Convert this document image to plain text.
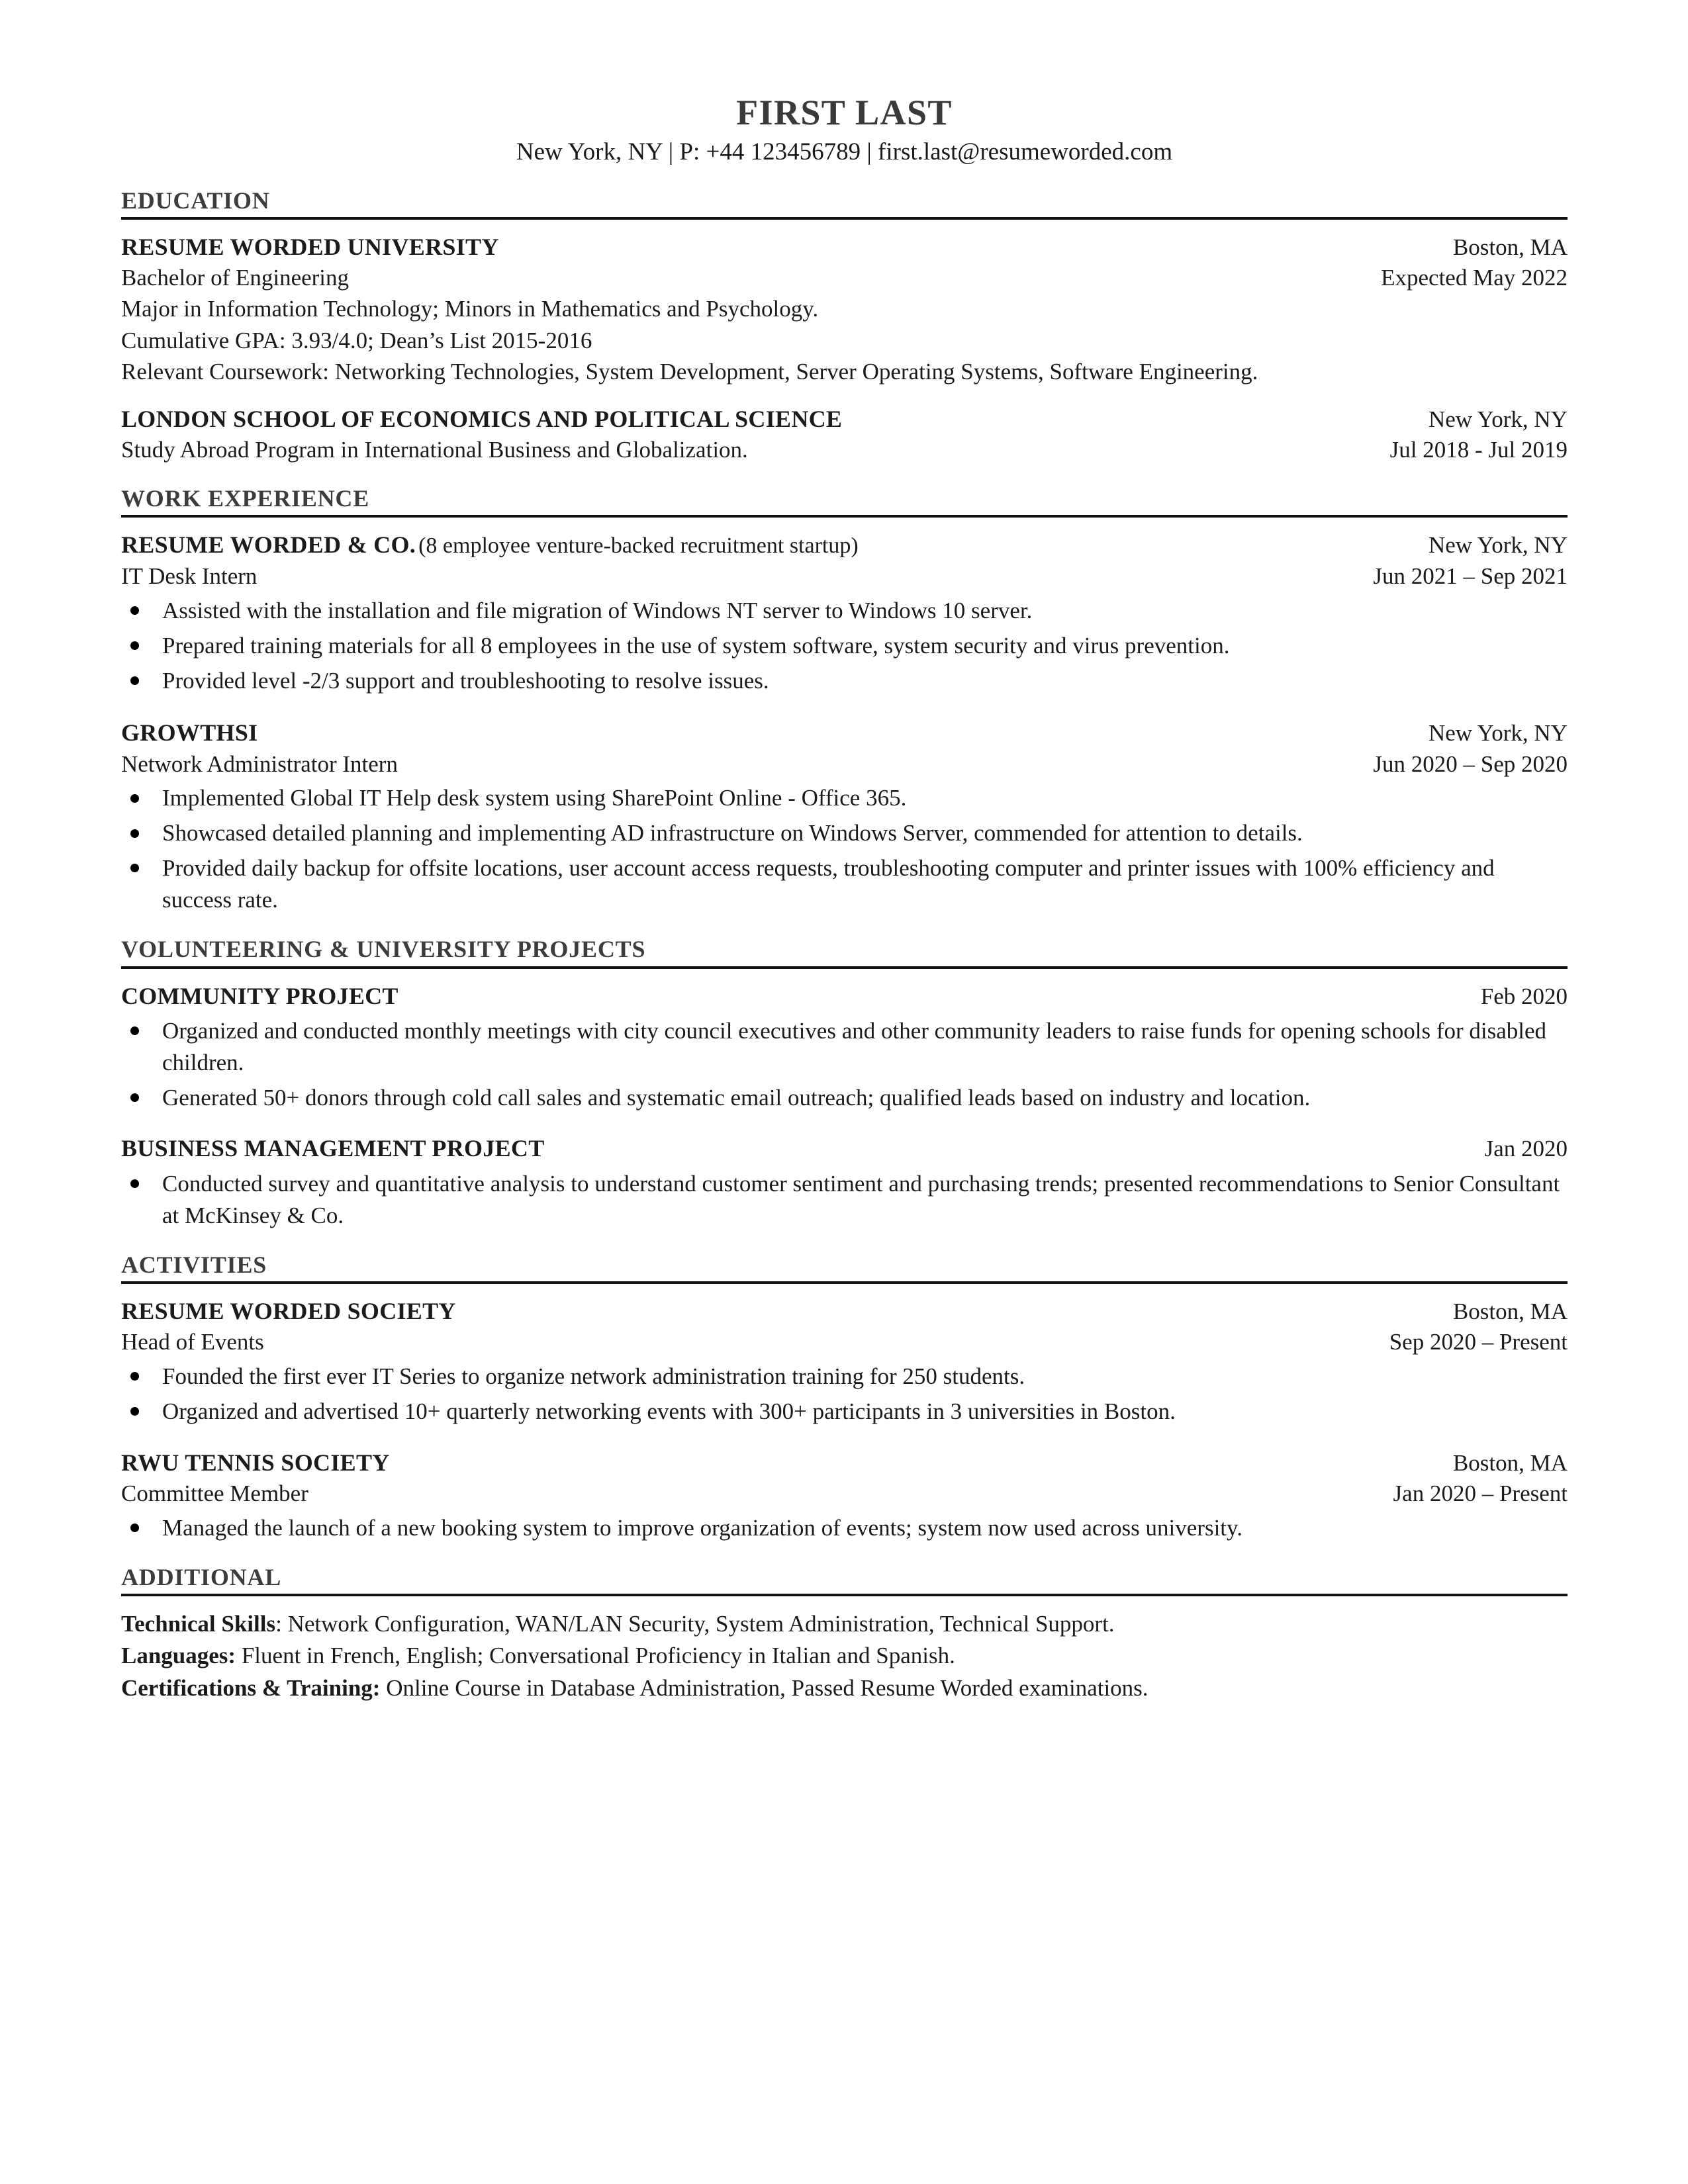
FIRST LAST
New York, NY | P: +44 123456789 | first.last@resumeworded.com
EDUCATION
RESUME WORDED UNIVERSITY	Boston, MA
Bachelor of Engineering	Expected May 2022
Major in Information Technology; Minors in Mathematics and Psychology.
Cumulative GPA: 3.93/4.0; Dean’s List 2015-2016
Relevant Coursework: Networking Technologies, System Development, Server Operating Systems, Software Engineering.
LONDON SCHOOL OF ECONOMICS AND POLITICAL SCIENCE	New York, NY
Study Abroad Program in International Business and Globalization.	Jul 2018 - Jul 2019
WORK EXPERIENCE
RESUME WORDED & CO. (8 employee venture-backed recruitment startup)	New York, NY
IT Desk Intern	Jun 2021 – Sep 2021
Assisted with the installation and file migration of Windows NT server to Windows 10 server.
Prepared training materials for all 8 employees in the use of system software, system security and virus prevention.
Provided level -2/3 support and troubleshooting to resolve issues.
GROWTHSI	New York, NY
Network Administrator Intern	Jun 2020 – Sep 2020
Implemented Global IT Help desk system using SharePoint Online - Office 365.
Showcased detailed planning and implementing AD infrastructure on Windows Server, commended for attention to details.
Provided daily backup for offsite locations, user account access requests, troubleshooting computer and printer issues with 100% efficiency and success rate.
VOLUNTEERING & UNIVERSITY PROJECTS
COMMUNITY PROJECT	Feb 2020
Organized and conducted monthly meetings with city council executives and other community leaders to raise funds for opening schools for disabled children.
Generated 50+ donors through cold call sales and systematic email outreach; qualified leads based on industry and location.
BUSINESS MANAGEMENT PROJECT	Jan 2020
Conducted survey and quantitative analysis to understand customer sentiment and purchasing trends; presented recommendations to Senior Consultant at McKinsey & Co.
ACTIVITIES
RESUME WORDED SOCIETY	Boston, MA
Head of Events	Sep 2020 – Present
Founded the first ever IT Series to organize network administration training for 250 students.
Organized and advertised 10+ quarterly networking events with 300+ participants in 3 universities in Boston.
RWU TENNIS SOCIETY	Boston, MA
Committee Member	Jan 2020 – Present
Managed the launch of a new booking system to improve organization of events; system now used across university.
ADDITIONAL
Technical Skills: Network Configuration, WAN/LAN Security, System Administration, Technical Support.
Languages: Fluent in French, English; Conversational Proficiency in Italian and Spanish.
Certifications & Training: Online Course in Database Administration, Passed Resume Worded examinations.
